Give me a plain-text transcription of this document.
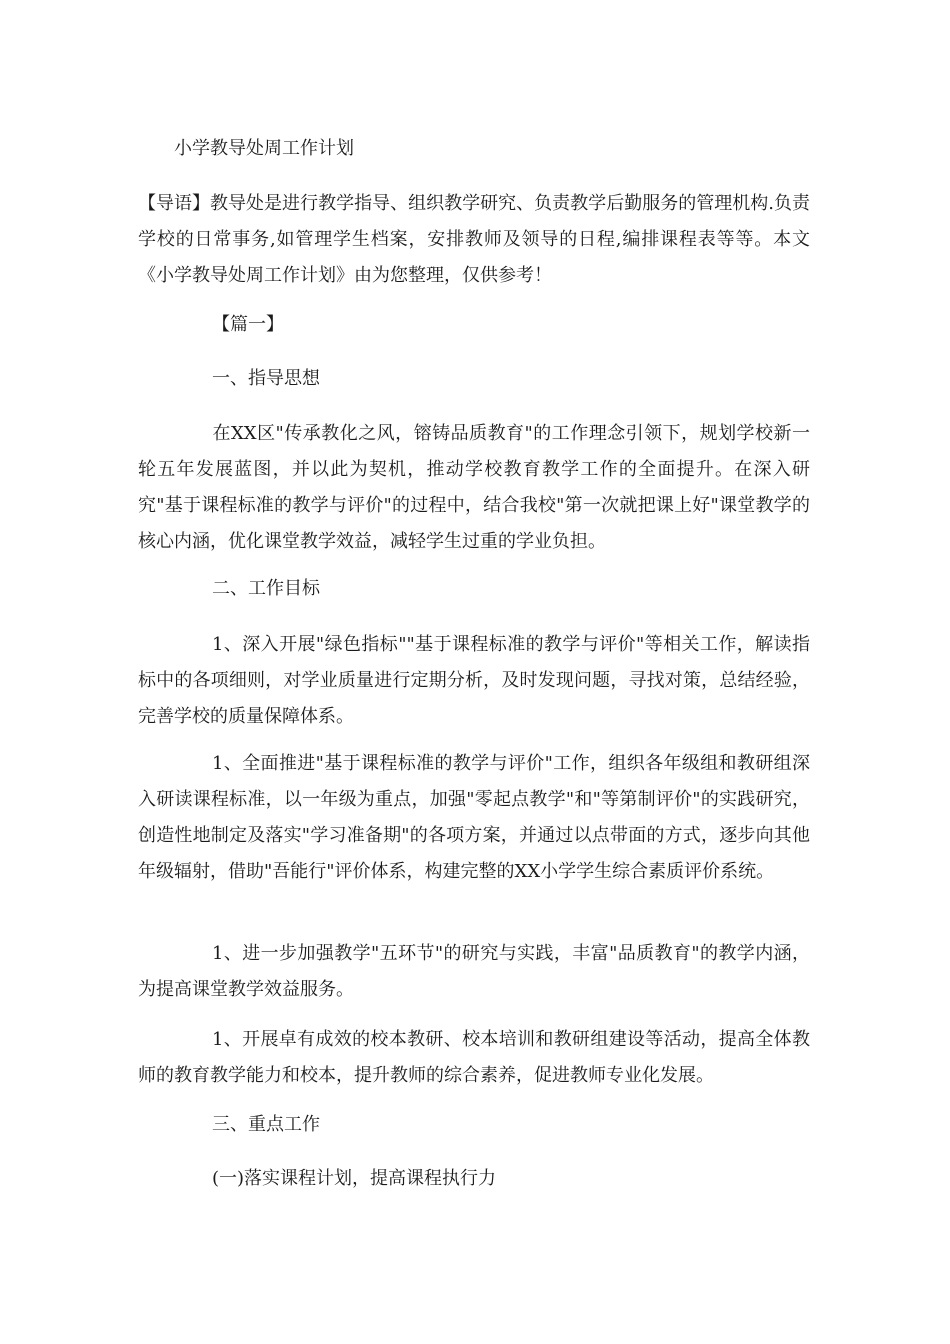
小学教导处周工作计划
【导语】教导处是进行教学指导、组织教学研究、负责教学后勤服务的管理机构.负责学校的日常事务,如管理学生档案，安排教师及领导的日程,编排课程表等等。本文《小学教导处周工作计划》由为您整理，仅供参考！
【篇一】
一、指导思想
在XX区"传承教化之风，镕铸品质教育"的工作理念引领下，规划学校新一轮五年发展蓝图，并以此为契机，推动学校教育教学工作的全面提升。在深入研究"基于课程标准的教学与评价"的过程中，结合我校"第一次就把课上好"课堂教学的核心内涵，优化课堂教学效益，减轻学生过重的学业负担。
二、工作目标
1、深入开展"绿色指标""基于课程标准的教学与评价"等相关工作，解读指标中的各项细则，对学业质量进行定期分析，及时发现问题，寻找对策，总结经验，完善学校的质量保障体系。
1、全面推进"基于课程标准的教学与评价"工作，组织各年级组和教研组深入研读课程标准，以一年级为重点，加强"零起点教学"和"等第制评价"的实践研究，创造性地制定及落实"学习准备期"的各项方案，并通过以点带面的方式，逐步向其他年级辐射，借助"吾能行"评价体系，构建完整的XX小学学生综合素质评价系统。
1、进一步加强教学"五环节"的研究与实践，丰富"品质教育"的教学内涵，为提高课堂教学效益服务。
1、开展卓有成效的校本教研、校本培训和教研组建设等活动，提高全体教师的教育教学能力和校本，提升教师的综合素养，促进教师专业化发展。
三、重点工作
(一)落实课程计划，提高课程执行力
